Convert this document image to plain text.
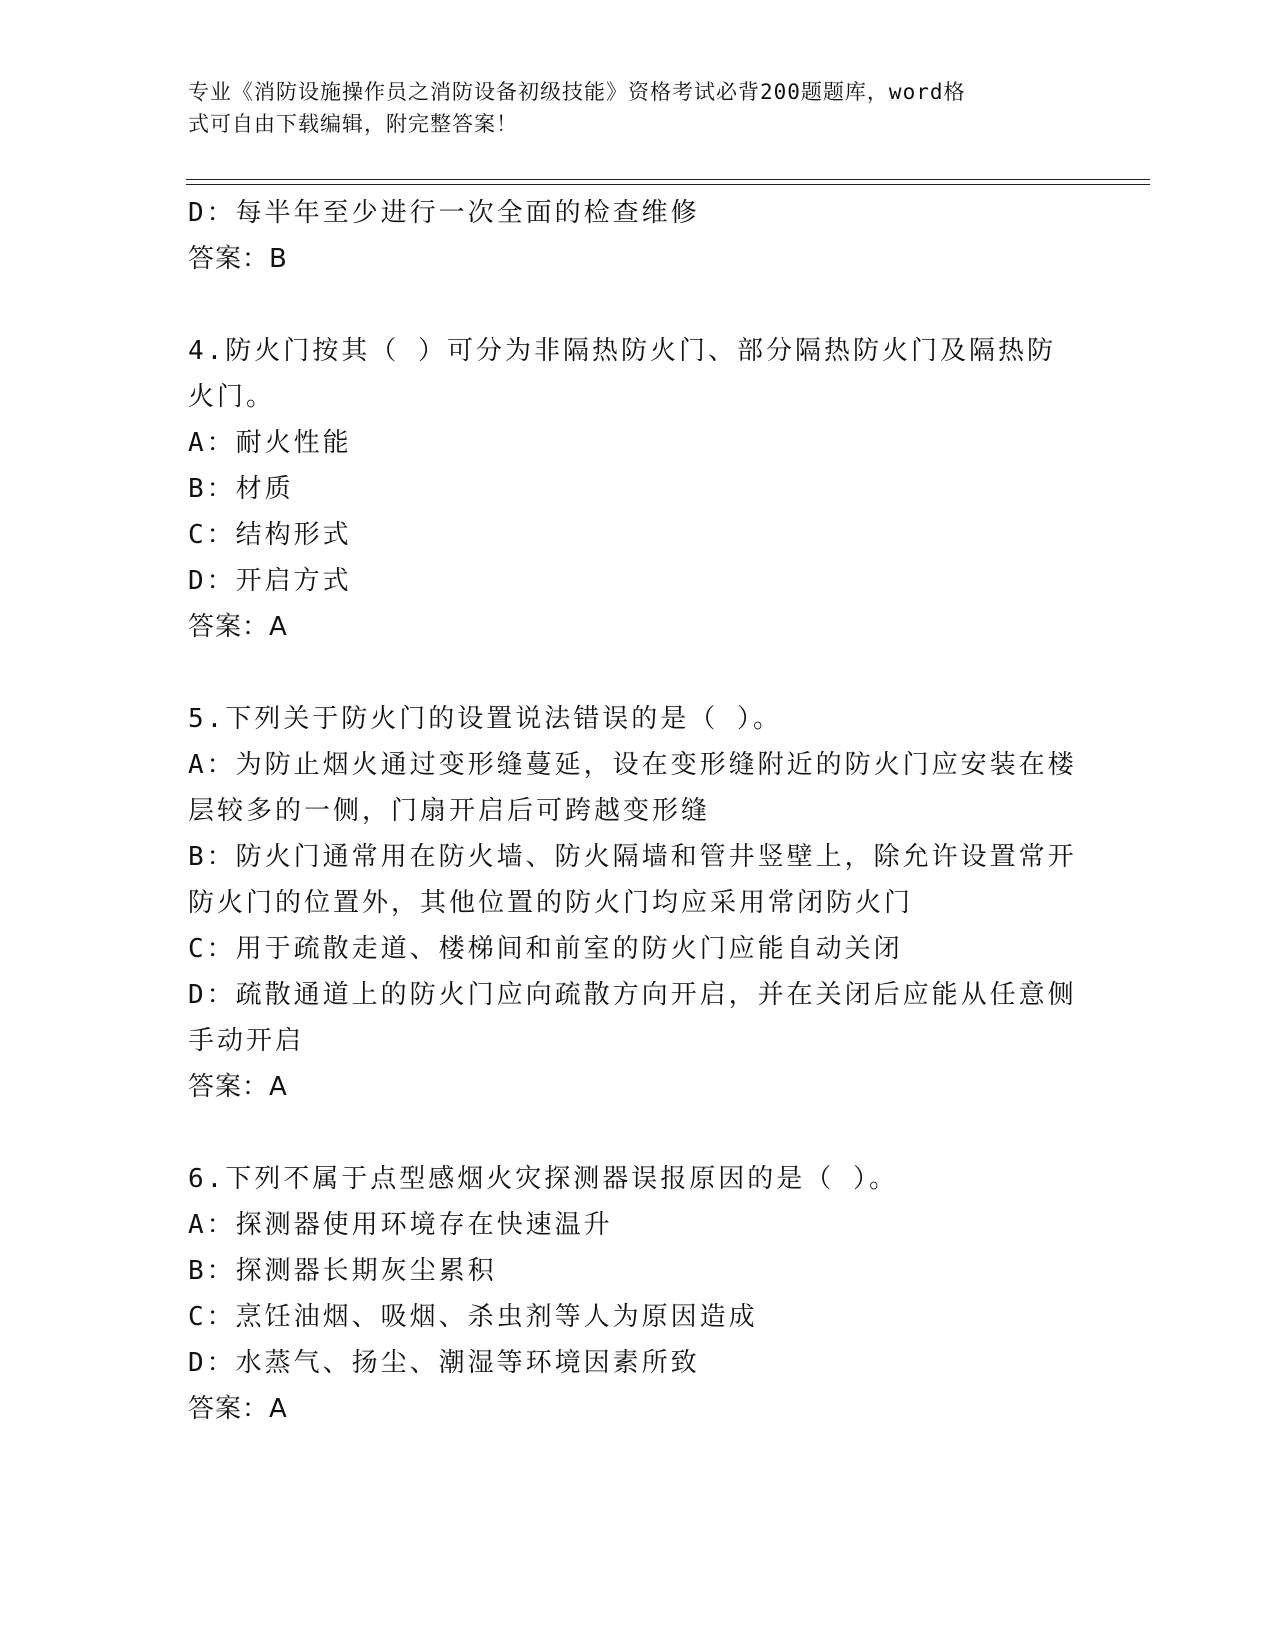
专业《消防设施操作员之消防设备初级技能》资格考试必背200题题库，word格
式可自由下载编辑，附完整答案！
D：每半年至少进行一次全面的检查维修
答案：B
4.防火门按其（ ）可分为非隔热防火门、部分隔热防火门及隔热防
火门。
A：耐火性能
B：材质
C：结构形式
D：开启方式
答案：A
5.下列关于防火门的设置说法错误的是（ ）。
A：为防止烟火通过变形缝蔓延，设在变形缝附近的防火门应安装在楼
层较多的一侧，门扇开启后可跨越变形缝
B：防火门通常用在防火墙、防火隔墙和管井竖壁上，除允许设置常开
防火门的位置外，其他位置的防火门均应采用常闭防火门
C：用于疏散走道、楼梯间和前室的防火门应能自动关闭
D：疏散通道上的防火门应向疏散方向开启，并在关闭后应能从任意侧
手动开启
答案：A
6.下列不属于点型感烟火灾探测器误报原因的是（ ）。
A：探测器使用环境存在快速温升
B：探测器长期灰尘累积
C：烹饪油烟、吸烟、杀虫剂等人为原因造成
D：水蒸气、扬尘、潮湿等环境因素所致
答案：A
